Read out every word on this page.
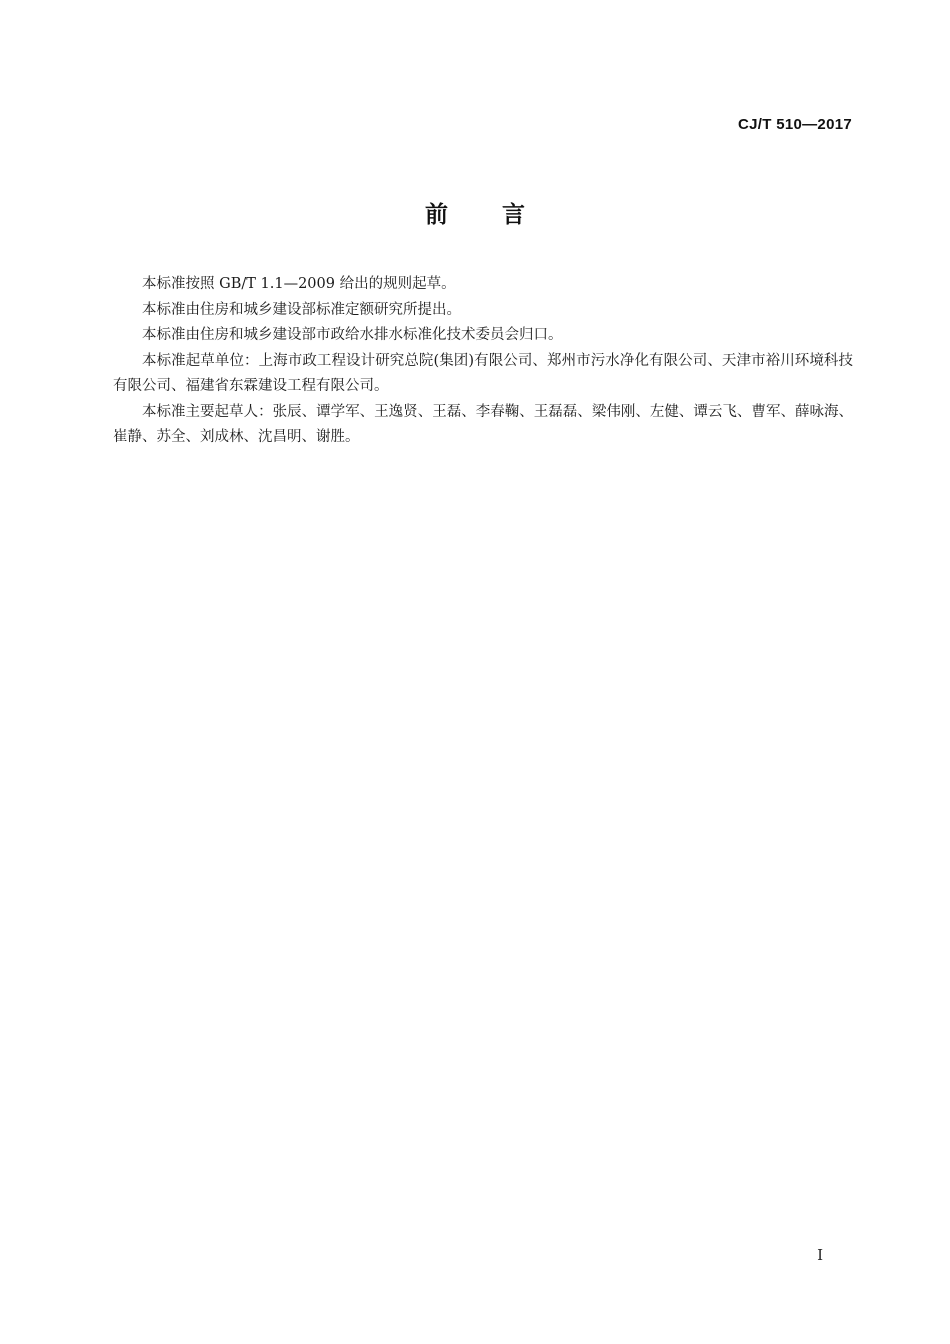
CJ/T 510—2017
前言

本标准按照 GB/T 1.1—2009 给出的规则起草。

本标准由住房和城乡建设部标准定额研究所提出。

本标准由住房和城乡建设部市政给水排水标准化技术委员会归口。

本标准起草单位：上海市政工程设计研究总院(集团)有限公司、郑州市污水净化有限公司、天津市裕川环境科技有限公司、福建省东霖建设工程有限公司。

本标准主要起草人：张辰、谭学军、王逸贤、王磊、李春鞠、王磊磊、梁伟刚、左健、谭云飞、曹军、薛咏海、崔静、苏全、刘成林、沈昌明、谢胜。

I
